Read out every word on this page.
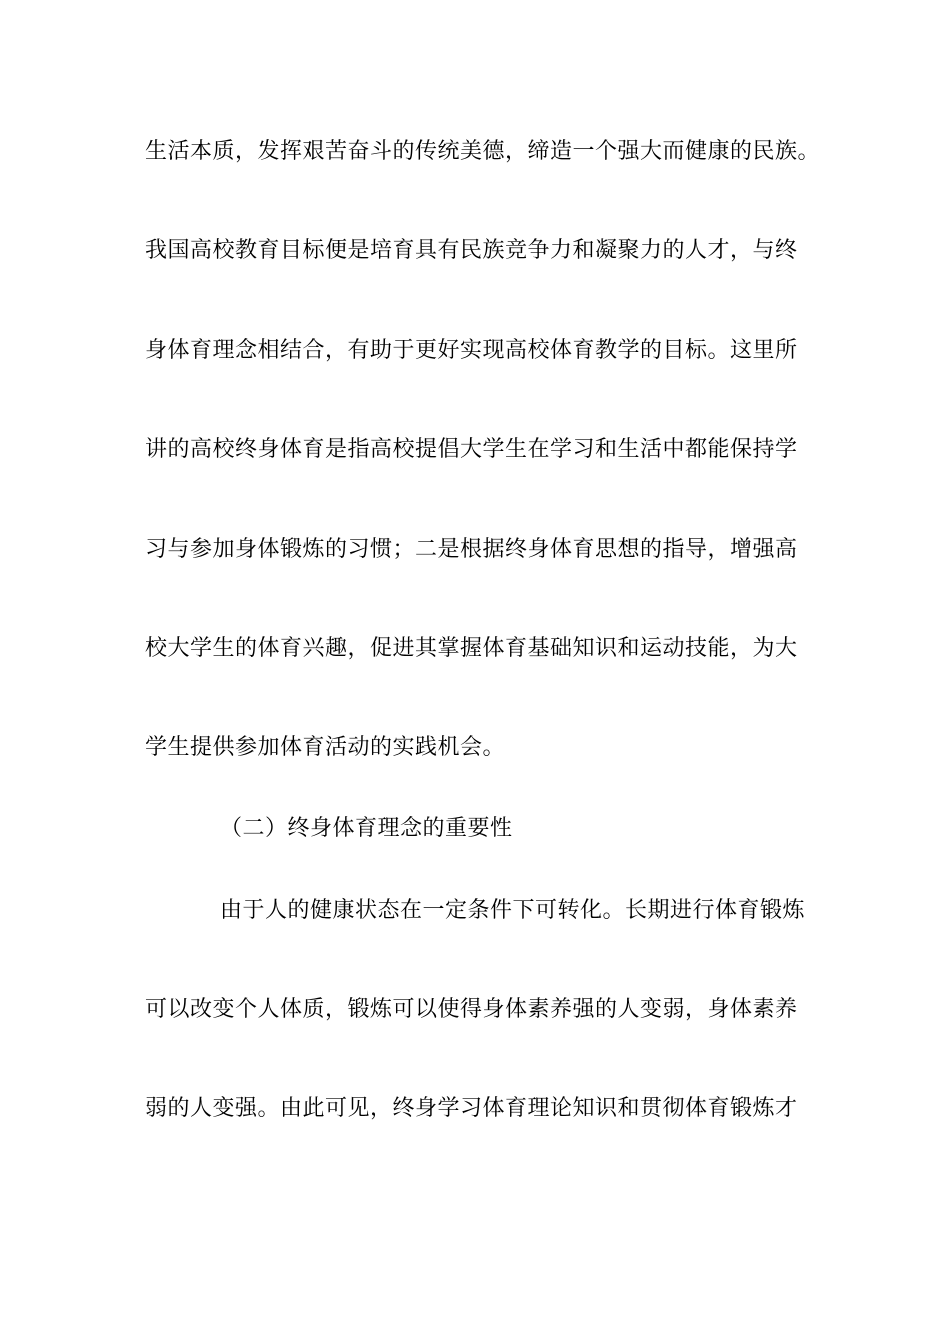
生活本质，发挥艰苦奋斗的传统美德，缔造一个强大而健康的民族。
我国高校教育目标便是培育具有民族竞争力和凝聚力的人才，与终
身体育理念相结合，有助于更好实现高校体育教学的目标。这里所
讲的高校终身体育是指高校提倡大学生在学习和生活中都能保持学
习与参加身体锻炼的习惯；二是根据终身体育思想的指导，增强高
校大学生的体育兴趣，促进其掌握体育基础知识和运动技能，为大
学生提供参加体育活动的实践机会。
（二）终身体育理念的重要性
由于人的健康状态在一定条件下可转化。长期进行体育锻炼
可以改变个人体质，锻炼可以使得身体素养强的人变弱，身体素养
弱的人变强。由此可见，终身学习体育理论知识和贯彻体育锻炼才
